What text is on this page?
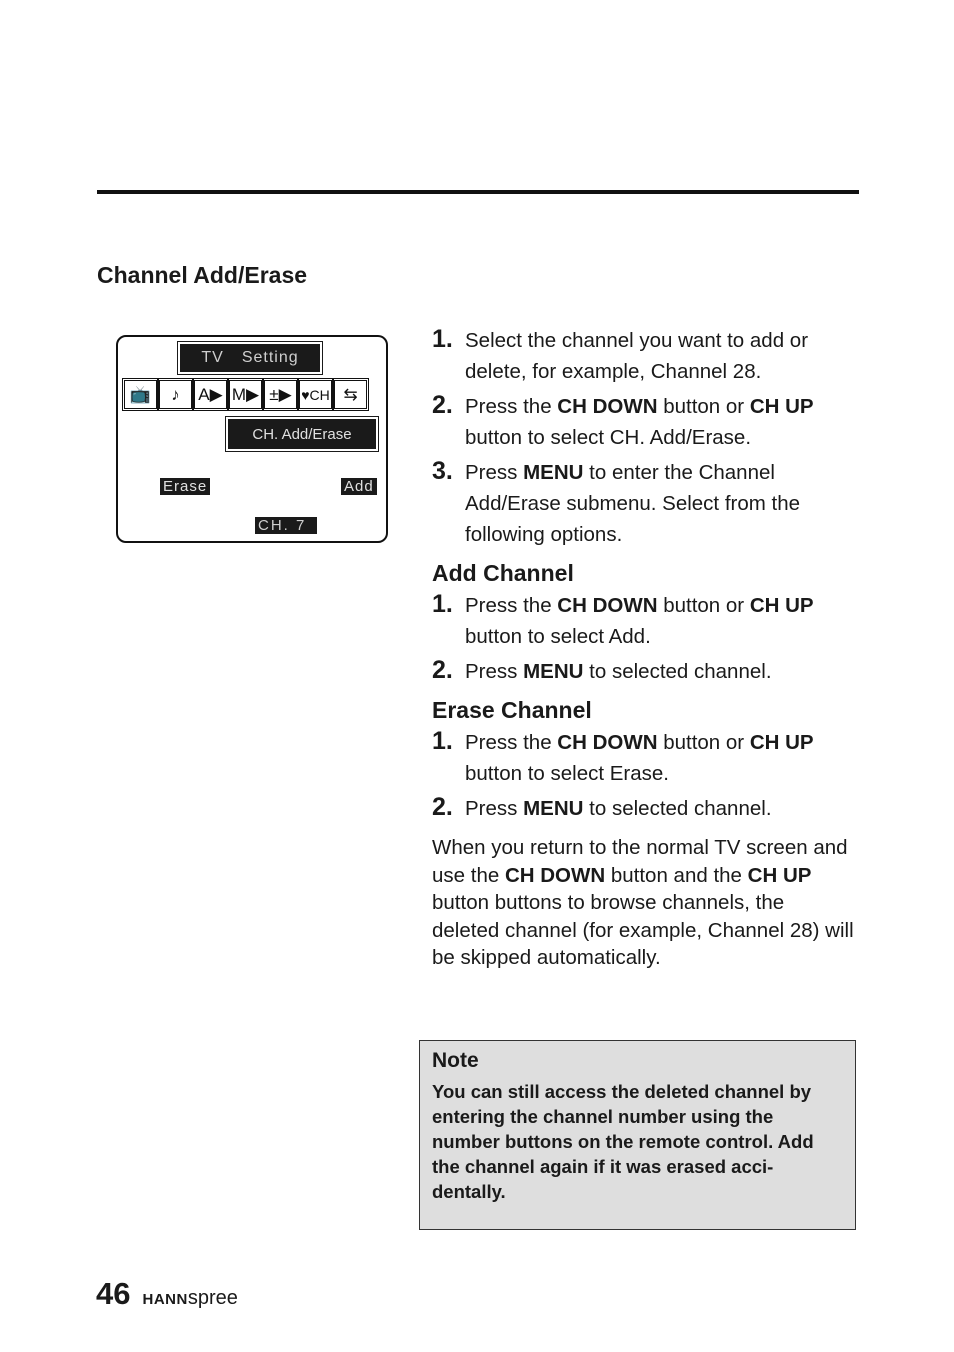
Channel Add/Erase
TV Setting
📺	♪	A▶ M▶ ±▶ ♥CH ⇆
CH. Add/Erase
Erase	Add
CH. 7

1. Select the channel you want to add or delete, for example, Channel 28.

2. Press the CH DOWN button or CH UP button to select CH. Add/Erase.

3. Press MENU to enter the Channel Add/Erase submenu. Select from the following options.

Add Channel

1. Press the CH DOWN button or CH UP button to select Add.

2. Press MENU to selected channel.

Erase Channel

1. Press the CH DOWN button or CH UP button to select Erase.

2. Press MENU to selected channel.

When you return to the normal TV screen and use the CH DOWN button and the CH UP button buttons to browse channels, the deleted channel (for example, Channel 28) will be skipped automatically.

Note
You can still access the deleted channel by entering the channel number using the number buttons on the remote control. Add the channel again if it was erased acci-dentally.
46 HANNspree
